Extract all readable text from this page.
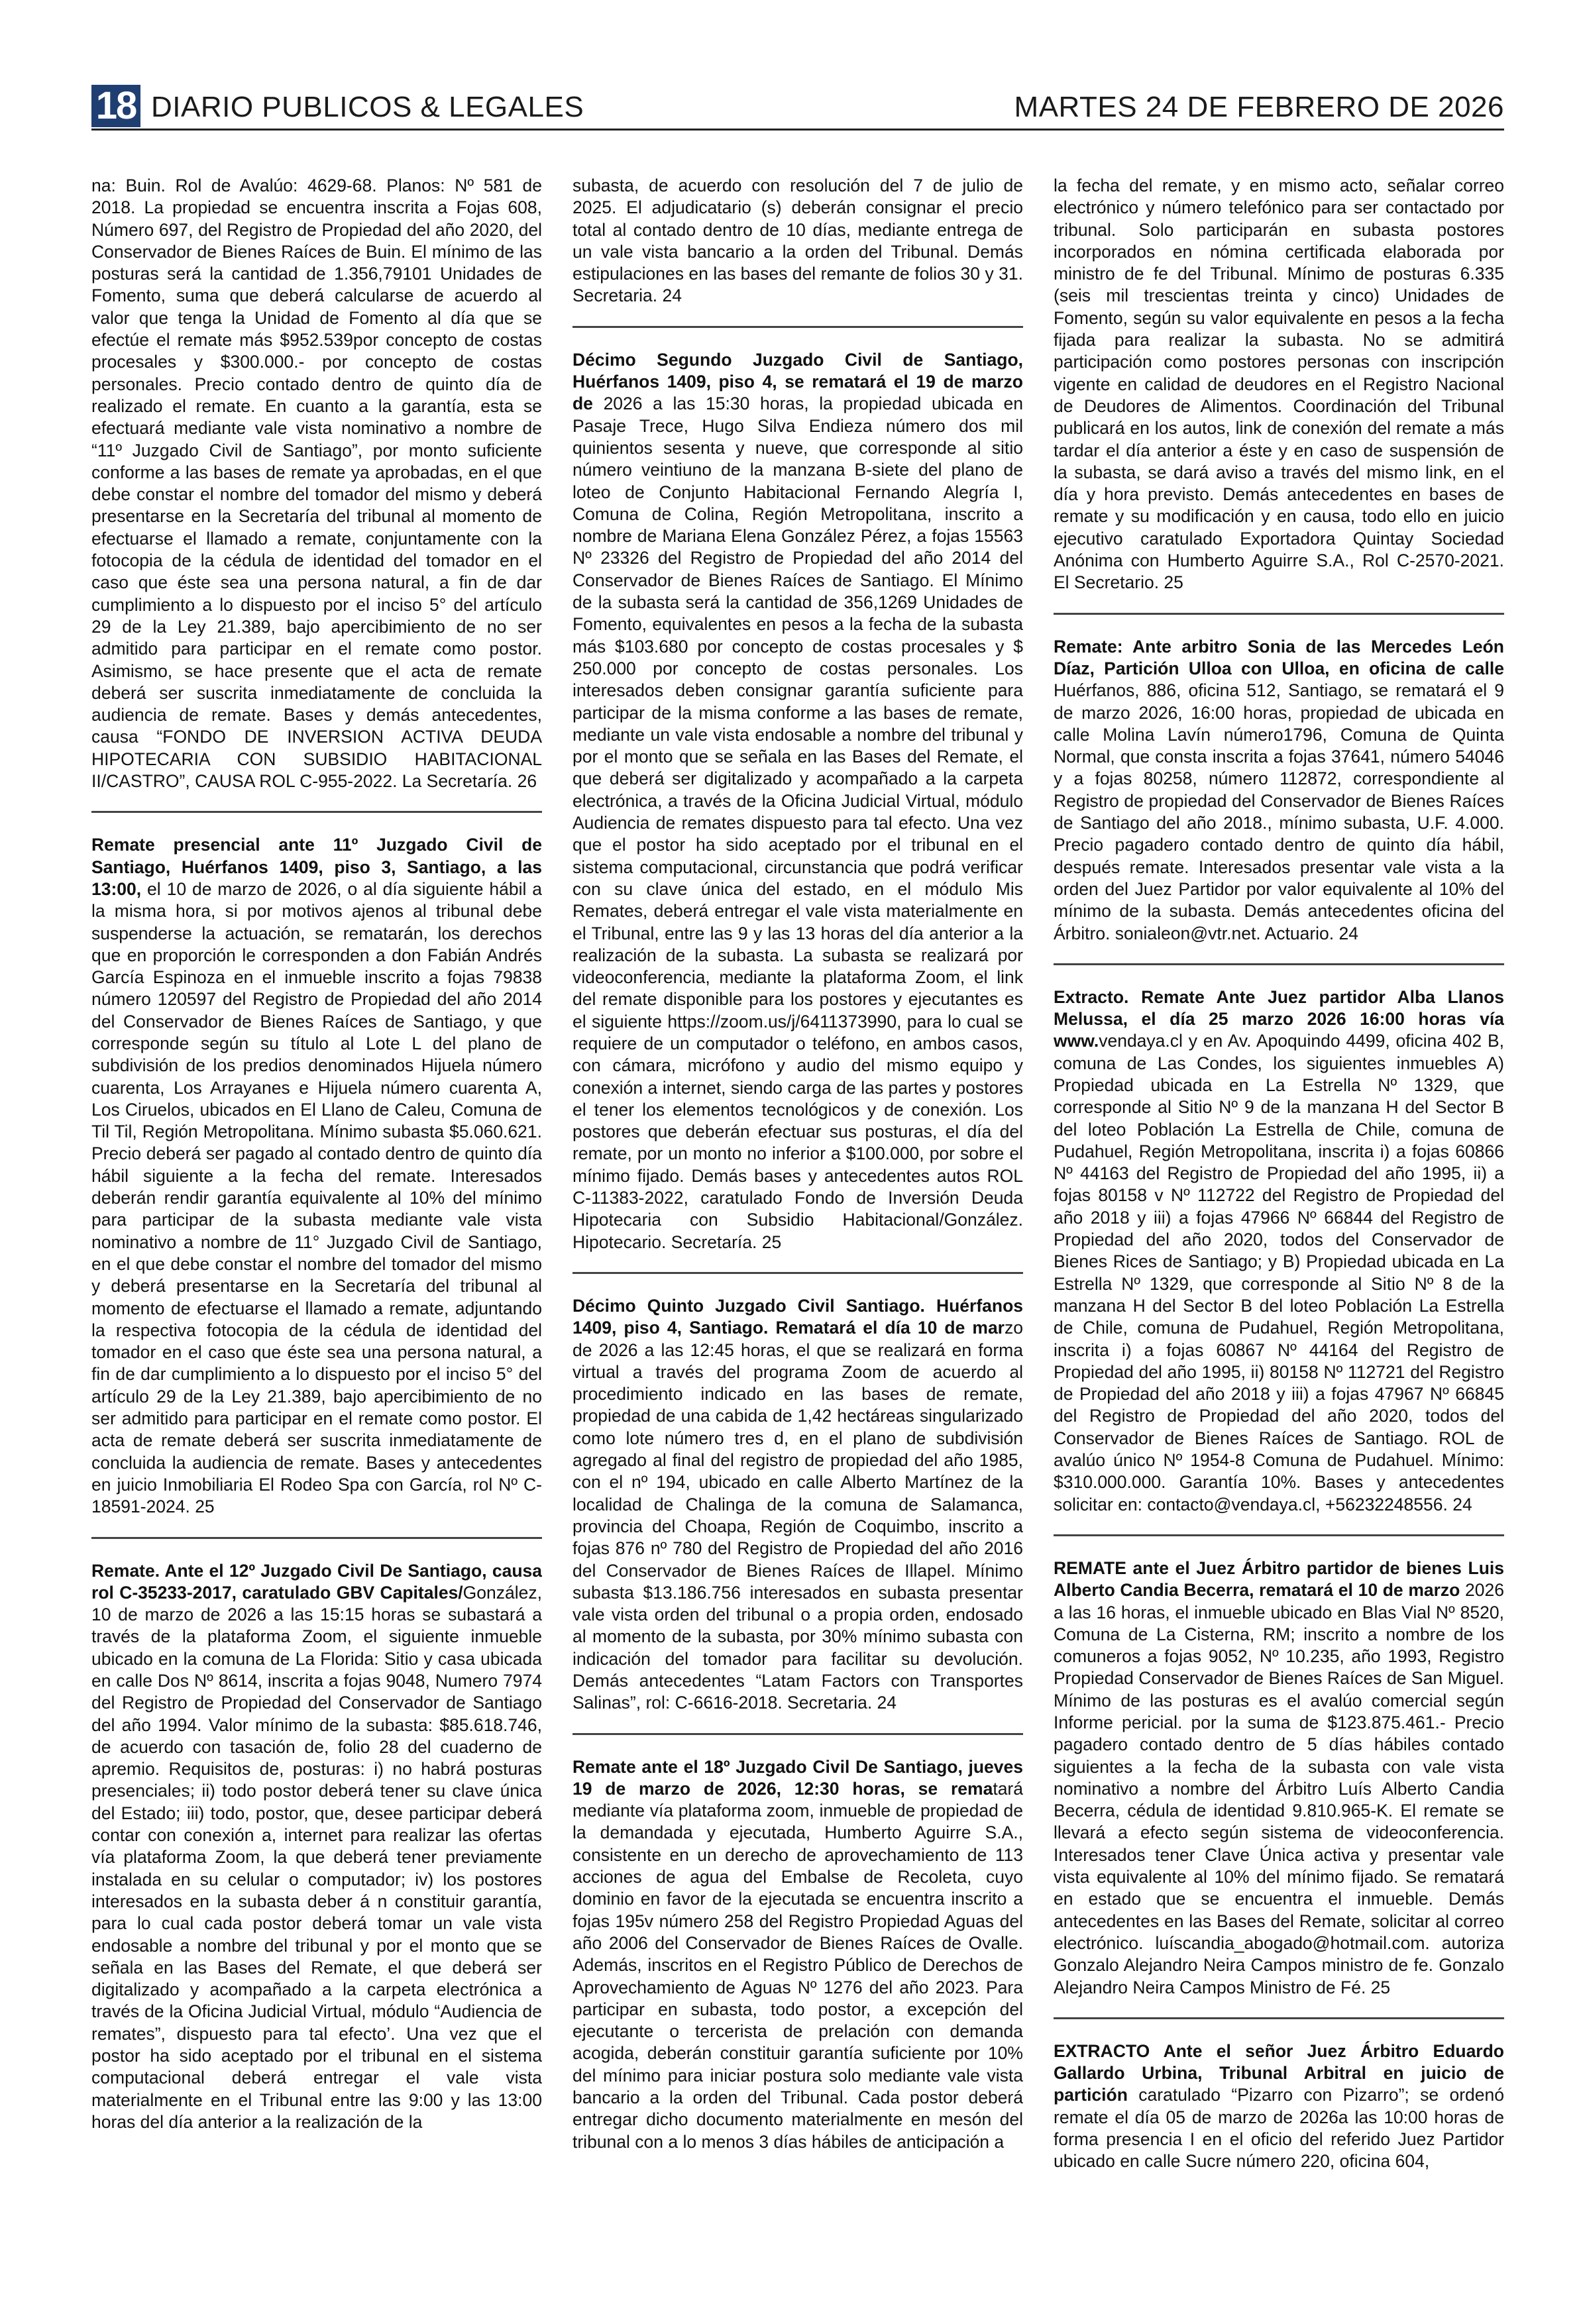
18 DIARIO PUBLICOS & LEGALES	MARTES 24 DE FEBRERO DE 2026

na: Buin. Rol de Avalúo: 4629-68. Planos: Nº 581 de 2018. La propiedad se encuentra inscrita a Fojas 608, Número 697, del Registro de Propiedad del año 2020, del Conservador de Bienes Raíces de Buin. El mínimo de las posturas será la cantidad de 1.356,79101 Unidades de Fomento, suma que deberá calcularse de acuerdo al valor que tenga la Unidad de Fomento al día que se efectúe el remate más $952.539por concepto de costas procesales y $300.000.- por concepto de costas personales. Precio contado dentro de quinto día de realizado el remate. En cuanto a la garantía, esta se efectuará mediante vale vista nominativo a nombre de “11º Juzgado Civil de Santiago”, por monto suficiente conforme a las bases de remate ya aprobadas, en el que debe constar el nombre del tomador del mismo y deberá presentarse en la Secretaría del tribunal al momento de efectuarse el llamado a remate, conjuntamente con la fotocopia de la cédula de identidad del tomador en el caso que éste sea una persona natural, a fin de dar cumplimiento a lo dispuesto por el inciso 5° del artículo 29 de la Ley 21.389, bajo apercibimiento de no ser admitido para participar en el remate como postor. Asimismo, se hace presente que el acta de remate deberá ser suscrita inmediatamente de concluida la audiencia de remate. Bases y demás antecedentes, causa “FONDO DE INVERSION ACTIVA DEUDA HIPOTECARIA CON SUBSIDIO HABITACIONAL II/CASTRO”, CAUSA ROL C-955-2022. La Secretaría. 26

Remate presencial ante 11º Juzgado Civil de Santiago, Huérfanos 1409, piso 3, Santiago, a las 13:00, el 10 de marzo de 2026, o al día siguiente hábil a la misma hora, si por motivos ajenos al tribunal debe suspenderse la actuación, se rematarán, los derechos que en proporción le corresponden a don Fabián Andrés García Espinoza en el inmueble inscrito a fojas 79838 número 120597 del Registro de Propiedad del año 2014 del Conservador de Bienes Raíces de Santiago, y que corresponde según su título al Lote L del plano de subdivisión de los predios denominados Hijuela número cuarenta, Los Arrayanes e Hijuela número cuarenta A, Los Ciruelos, ubicados en El Llano de Caleu, Comuna de Til Til, Región Metropolitana. Mínimo subasta $5.060.621. Precio deberá ser pagado al contado dentro de quinto día hábil siguiente a la fecha del remate. Interesados deberán rendir garantía equivalente al 10% del mínimo para participar de la subasta mediante vale vista nominativo a nombre de 11° Juzgado Civil de Santiago, en el que debe constar el nombre del tomador del mismo y deberá presentarse en la Secretaría del tribunal al momento de efectuarse el llamado a remate, adjuntando la respectiva fotocopia de la cédula de identidad del tomador en el caso que éste sea una persona natural, a fin de dar cumplimiento a lo dispuesto por el inciso 5° del artículo 29 de la Ley 21.389, bajo apercibimiento de no ser admitido para participar en el remate como postor. El acta de remate deberá ser suscrita inmediatamente de concluida la audiencia de remate. Bases y antecedentes en juicio Inmobiliaria El Rodeo Spa con García, rol Nº C-18591-2024. 25

Remate. Ante el 12º Juzgado Civil De Santiago, causa rol C-35233-2017, caratulado GBV Capitales/González, 10 de marzo de 2026 a las 15:15 horas se subastará a través de la plataforma Zoom, el siguiente inmueble ubicado en la comuna de La Florida: Sitio y casa ubicada en calle Dos Nº 8614, inscrita a fojas 9048, Numero 7974 del Registro de Propiedad del Conservador de Santiago del año 1994. Valor mínimo de la subasta: $85.618.746, de acuerdo con tasación de, folio 28 del cuaderno de apremio. Requisitos de, posturas: i) no habrá posturas presenciales; ii) todo postor deberá tener su clave única del Estado; iii) todo, postor, que, desee participar deberá contar con conexión a, internet para realizar las ofertas vía plataforma Zoom, la que deberá tener previamente instalada en su celular o computador; iv) los postores interesados en la subasta deber á n constituir garantía, para lo cual cada postor deberá tomar un vale vista endosable a nombre del tribunal y por el monto que se señala en las Bases del Remate, el que deberá ser digitalizado y acompañado a la carpeta electrónica a través de la Oficina Judicial Virtual, módulo “Audiencia de remates”, dispuesto para tal efecto’. Una vez que el postor ha sido aceptado por el tribunal en el sistema computacional deberá entregar el vale vista materialmente en el Tribunal entre las 9:00 y las 13:00 horas del día anterior a la realización de la

subasta, de acuerdo con resolución del 7 de julio de 2025. El adjudicatario (s) deberán consignar el precio total al contado dentro de 10 días, mediante entrega de un vale vista bancario a la orden del Tribunal. Demás estipulaciones en las bases del remante de folios 30 y 31. Secretaria. 24

Décimo Segundo Juzgado Civil de Santiago, Huérfanos 1409, piso 4, se rematará el 19 de marzo de 2026 a las 15:30 horas, la propiedad ubicada en Pasaje Trece, Hugo Silva Endieza número dos mil quinientos sesenta y nueve, que corresponde al sitio número veintiuno de la manzana B-siete del plano de loteo de Conjunto Habitacional Fernando Alegría I, Comuna de Colina, Región Metropolitana, inscrito a nombre de Mariana Elena González Pérez, a fojas 15563 Nº 23326 del Registro de Propiedad del año 2014 del Conservador de Bienes Raíces de Santiago. El Mínimo de la subasta será la cantidad de 356,1269 Unidades de Fomento, equivalentes en pesos a la fecha de la subasta más $103.680 por concepto de costas procesales y $ 250.000 por concepto de costas personales. Los interesados deben consignar garantía suficiente para participar de la misma conforme a las bases de remate, mediante un vale vista endosable a nombre del tribunal y por el monto que se señala en las Bases del Remate, el que deberá ser digitalizado y acompañado a la carpeta electrónica, a través de la Oficina Judicial Virtual, módulo Audiencia de remates dispuesto para tal efecto. Una vez que el postor ha sido aceptado por el tribunal en el sistema computacional, circunstancia que podrá verificar con su clave única del estado, en el módulo Mis Remates, deberá entregar el vale vista materialmente en el Tribunal, entre las 9 y las 13 horas del día anterior a la realización de la subasta. La subasta se realizará por videoconferencia, mediante la plataforma Zoom, el link del remate disponible para los postores y ejecutantes es el siguiente https://zoom.us/j/6411373990, para lo cual se requiere de un computador o teléfono, en ambos casos, con cámara, micrófono y audio del mismo equipo y conexión a internet, siendo carga de las partes y postores el tener los elementos tecnológicos y de conexión. Los postores que deberán efectuar sus posturas, el día del remate, por un monto no inferior a $100.000, por sobre el mínimo fijado. Demás bases y antecedentes autos ROL C-11383-2022, caratulado Fondo de Inversión Deuda Hipotecaria con Subsidio Habitacional/González. Hipotecario. Secretaría. 25

Décimo Quinto Juzgado Civil Santiago. Huérfanos 1409, piso 4, Santiago. Rematará el día 10 de marzo de 2026 a las 12:45 horas, el que se realizará en forma virtual a través del programa Zoom de acuerdo al procedimiento indicado en las bases de remate, propiedad de una cabida de 1,42 hectáreas singularizado como lote número tres d, en el plano de subdivisión agregado al final del registro de propiedad del año 1985, con el nº 194, ubicado en calle Alberto Martínez de la localidad de Chalinga de la comuna de Salamanca, provincia del Choapa, Región de Coquimbo, inscrito a fojas 876 nº 780 del Registro de Propiedad del año 2016 del Conservador de Bienes Raíces de Illapel. Mínimo subasta $13.186.756 interesados en subasta presentar vale vista orden del tribunal o a propia orden, endosado al momento de la subasta, por 30% mínimo subasta con indicación del tomador para facilitar su devolución. Demás antecedentes “Latam Factors con Transportes Salinas”, rol: C-6616-2018. Secretaria. 24

Remate ante el 18º Juzgado Civil De Santiago, jueves 19 de marzo de 2026, 12:30 horas, se rematará mediante vía plataforma zoom, inmueble de propiedad de la demandada y ejecutada, Humberto Aguirre S.A., consistente en un derecho de aprovechamiento de 113 acciones de agua del Embalse de Recoleta, cuyo dominio en favor de la ejecutada se encuentra inscrito a fojas 195v número 258 del Registro Propiedad Aguas del año 2006 del Conservador de Bienes Raíces de Ovalle. Además, inscritos en el Registro Público de Derechos de Aprovechamiento de Aguas Nº 1276 del año 2023. Para participar en subasta, todo postor, a excepción del ejecutante o tercerista de prelación con demanda acogida, deberán constituir garantía suficiente por 10% del mínimo para iniciar postura solo mediante vale vista bancario a la orden del Tribunal. Cada postor deberá entregar dicho documento materialmente en mesón del tribunal con a lo menos 3 días hábiles de anticipación a

la fecha del remate, y en mismo acto, señalar correo electrónico y número telefónico para ser contactado por tribunal. Solo participarán en subasta postores incorporados en nómina certificada elaborada por ministro de fe del Tribunal. Mínimo de posturas 6.335 (seis mil trescientas treinta y cinco) Unidades de Fomento, según su valor equivalente en pesos a la fecha fijada para realizar la subasta. No se admitirá participación como postores personas con inscripción vigente en calidad de deudores en el Registro Nacional de Deudores de Alimentos. Coordinación del Tribunal publicará en los autos, link de conexión del remate a más tardar el día anterior a éste y en caso de suspensión de la subasta, se dará aviso a través del mismo link, en el día y hora previsto. Demás antecedentes en bases de remate y su modificación y en causa, todo ello en juicio ejecutivo caratulado Exportadora Quintay Sociedad Anónima con Humberto Aguirre S.A., Rol C-2570-2021. El Secretario. 25

Remate: Ante arbitro Sonia de las Mercedes León Díaz, Partición Ulloa con Ulloa, en oficina de calle Huérfanos, 886, oficina 512, Santiago, se rematará el 9 de marzo 2026, 16:00 horas, propiedad de ubicada en calle Molina Lavín número1796, Comuna de Quinta Normal, que consta inscrita a fojas 37641, número 54046 y a fojas 80258, número 112872, correspondiente al Registro de propiedad del Conservador de Bienes Raíces de Santiago del año 2018., mínimo subasta, U.F. 4.000. Precio pagadero contado dentro de quinto día hábil, después remate. Interesados presentar vale vista a la orden del Juez Partidor por valor equivalente al 10% del mínimo de la subasta. Demás antecedentes oficina del Árbitro. sonialeon@vtr.net. Actuario. 24

Extracto. Remate Ante Juez partidor Alba Llanos Melussa, el día 25 marzo 2026 16:00 horas vía www.vendaya.cl y en Av. Apoquindo 4499, oficina 402 B, comuna de Las Condes, los siguientes inmuebles A) Propiedad ubicada en La Estrella Nº 1329, que corresponde al Sitio Nº 9 de la manzana H del Sector B del loteo Población La Estrella de Chile, comuna de Pudahuel, Región Metropolitana, inscrita i) a fojas 60866 Nº 44163 del Registro de Propiedad del año 1995, ii) a fojas 80158 v Nº 112722 del Registro de Propiedad del año 2018 y iii) a fojas 47966 Nº 66844 del Registro de Propiedad del año 2020, todos del Conservador de Bienes Rices de Santiago; y B) Propiedad ubicada en La Estrella Nº 1329, que corresponde al Sitio Nº 8 de la manzana H del Sector B del loteo Población La Estrella de Chile, comuna de Pudahuel, Región Metropolitana, inscrita i) a fojas 60867 Nº 44164 del Registro de Propiedad del año 1995, ii) 80158 Nº 112721 del Registro de Propiedad del año 2018 y iii) a fojas 47967 Nº 66845 del Registro de Propiedad del año 2020, todos del Conservador de Bienes Raíces de Santiago. ROL de avalúo único Nº 1954-8 Comuna de Pudahuel. Mínimo: $310.000.000. Garantía 10%. Bases y antecedentes solicitar en: contacto@vendaya.cl, +56232248556. 24

REMATE ante el Juez Árbitro partidor de bienes Luis Alberto Candia Becerra, rematará el 10 de marzo 2026 a las 16 horas, el inmueble ubicado en Blas Vial Nº 8520, Comuna de La Cisterna, RM; inscrito a nombre de los comuneros a fojas 9052, Nº 10.235, año 1993, Registro Propiedad Conservador de Bienes Raíces de San Miguel. Mínimo de las posturas es el avalúo comercial según Informe pericial. por la suma de $123.875.461.- Precio pagadero contado dentro de 5 días hábiles contado siguientes a la fecha de la subasta con vale vista nominativo a nombre del Árbitro Luís Alberto Candia Becerra, cédula de identidad 9.810.965-K. El remate se llevará a efecto según sistema de videoconferencia. Interesados tener Clave Única activa y presentar vale vista equivalente al 10% del mínimo fijado. Se rematará en estado que se encuentra el inmueble. Demás antecedentes en las Bases del Remate, solicitar al correo electrónico. luíscandia_abogado@hotmail.com. autoriza Gonzalo Alejandro Neira Campos ministro de fe. Gonzalo Alejandro Neira Campos Ministro de Fé. 25

EXTRACTO Ante el señor Juez Árbitro Eduardo Gallardo Urbina, Tribunal Arbitral en juicio de partición caratulado “Pizarro con Pizarro”; se ordenó remate el día 05 de marzo de 2026a las 10:00 horas de forma presencia I en el oficio del referido Juez Partidor ubicado en calle Sucre número 220, oficina 604,
